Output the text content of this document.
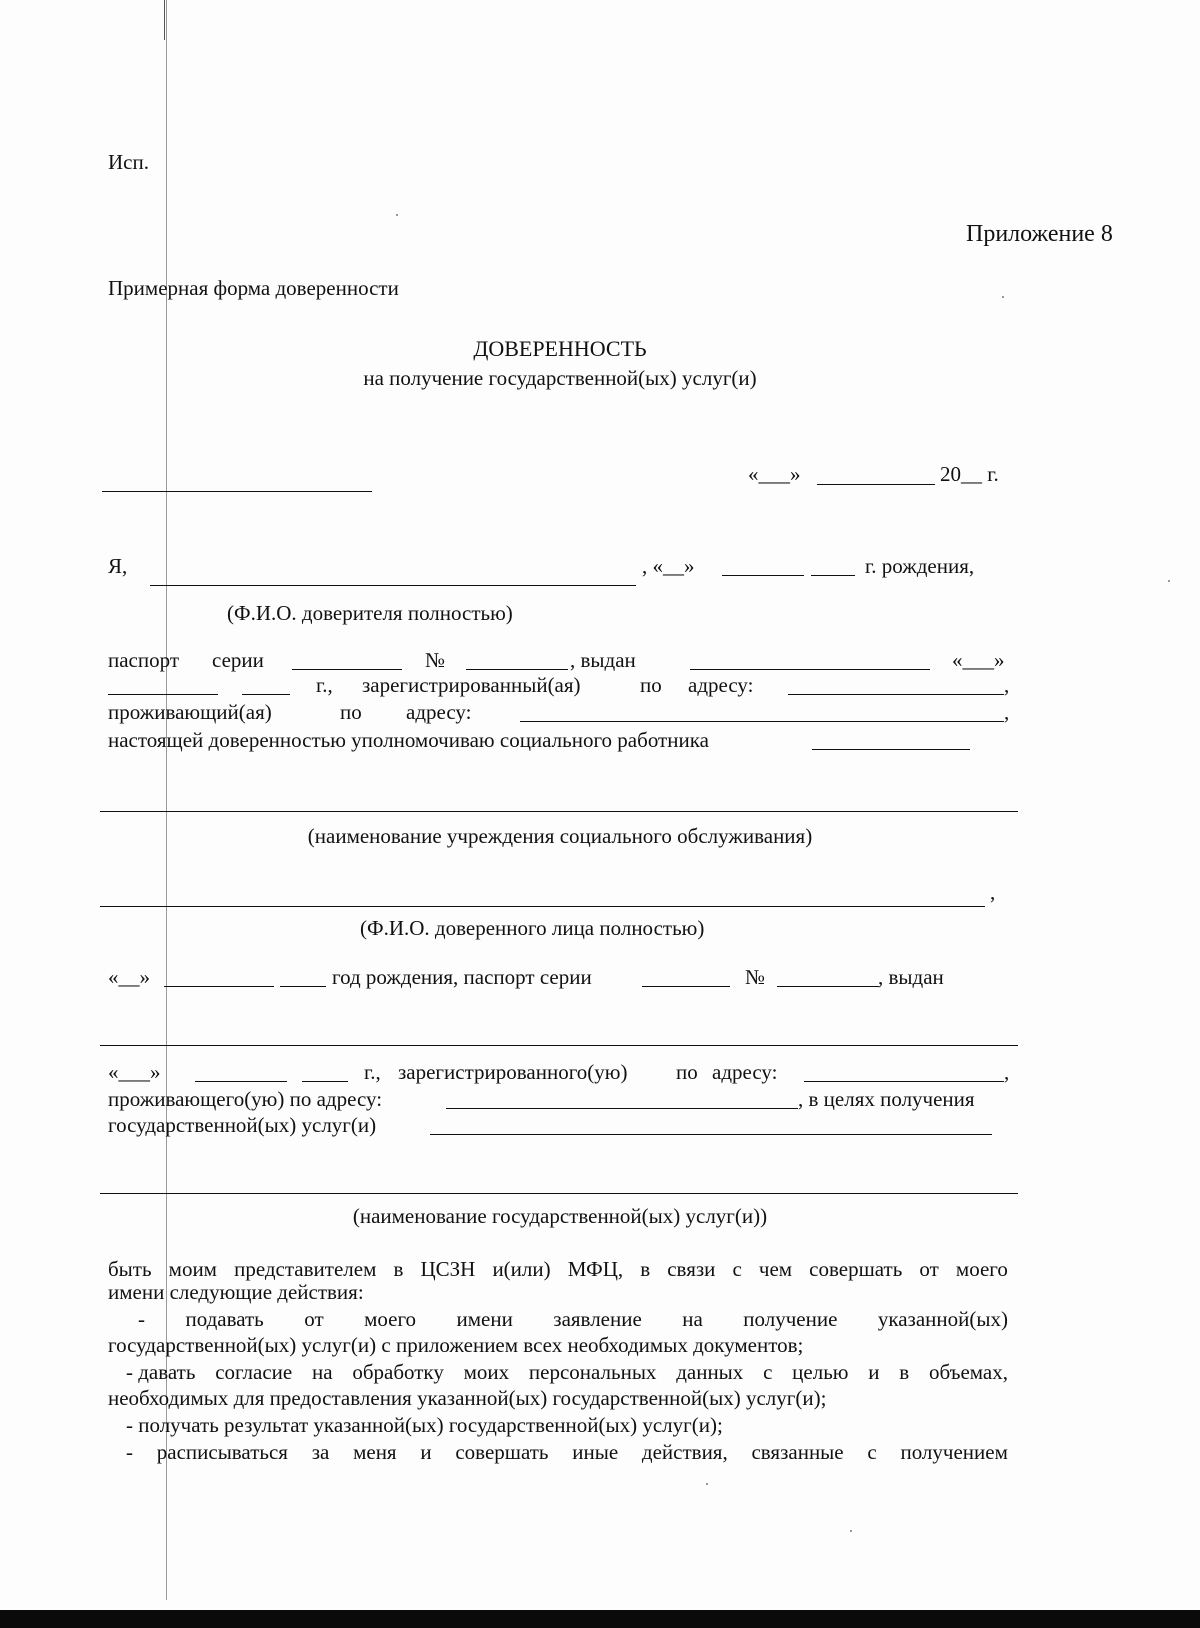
Исп.
Приложение 8
Примерная форма доверенности
ДОВЕРЕННОСТЬ
на получение государственной(ых) услуг(и)
«___»	20__ г.
Я,	, «__»	г. рождения,
(Ф.И.О. доверителя полностью)
паспорт серии	№	, выдан	«___»
г., зарегистрированный(ая)	по адресу:	,
проживающий(ая)	по адресу:	,
настоящей доверенностью уполномочиваю социального работника
(наименование учреждения социального обслуживания)
,
(Ф.И.О. доверенного лица полностью)
«__»	год рождения, паспорт серии	№	, выдан
«___»	г., зарегистрированного(ую) по адресу:	,
проживающего(ую) по адресу:	, в целях получения
государственной(ых) услуг(и)
(наименование государственной(ых) услуг(и))
быть моим представителем в ЦСЗН и(или) МФЦ, в связи с чем совершать от моего
имени следующие действия:
- подавать от моего имени заявление на получение указанной(ых)
государственной(ых) услуг(и) с приложением всех необходимых документов;
- давать согласие на обработку моих персональных данных с целью и в объемах,
необходимых для предоставления указанной(ых) государственной(ых) услуг(и);
- получать результат указанной(ых) государственной(ых) услуг(и);
- расписываться за меня и совершать иные действия, связанные с получением
